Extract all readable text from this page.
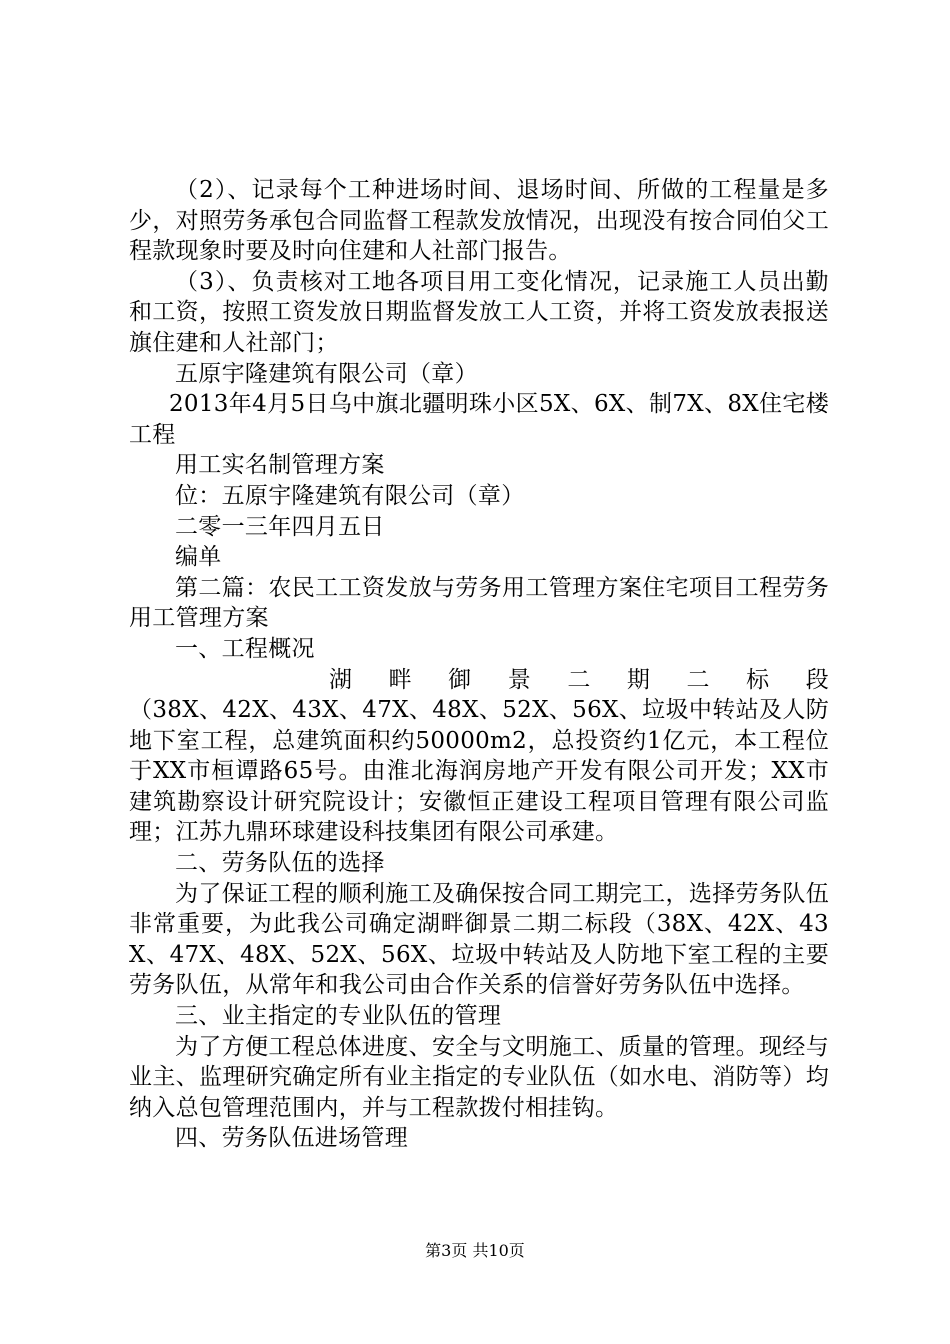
（2）、记录每个工种进场时间、退场时间、所做的工程量是多少，对照劳务承包合同监督工程款发放情况，出现没有按合同伯父工程款现象时要及时向住建和人社部门报告。

（3）、负责核对工地各项目用工变化情况，记录施工人员出勤和工资，按照工资发放日期监督发放工人工资，并将工资发放表报送旗住建和人社部门；

五原宇隆建筑有限公司（章）

2013年4月5日乌中旗北疆明珠小区5X、6X、制7X、8X住宅楼工程

用工实名制管理方案

位：五原宇隆建筑有限公司（章）

二零一三年四月五日

编单

第二篇：农民工工资发放与劳务用工管理方案住宅项目工程劳务用工管理方案

一、工程概况

湖畔御景二期二标段

（38X、42X、43X、47X、48X、52X、56X、垃圾中转站及人防地下室工程，总建筑面积约50000m2，总投资约1亿元，本工程位于XX市桓谭路65号。由淮北海润房地产开发有限公司开发；XX市建筑勘察设计研究院设计；安徽恒正建设工程项目管理有限公司监理；江苏九鼎环球建设科技集团有限公司承建。

二、劳务队伍的选择

为了保证工程的顺利施工及确保按合同工期完工，选择劳务队伍非常重要，为此我公司确定湖畔御景二期二标段（38X、42X、43X、47X、48X、52X、56X、垃圾中转站及人防地下室工程的主要劳务队伍，从常年和我公司由合作关系的信誉好劳务队伍中选择。

三、业主指定的专业队伍的管理

为了方便工程总体进度、安全与文明施工、质量的管理。现经与业主、监理研究确定所有业主指定的专业队伍（如水电、消防等）均纳入总包管理范围内，并与工程款拨付相挂钩。

四、劳务队伍进场管理

第3页 共10页
